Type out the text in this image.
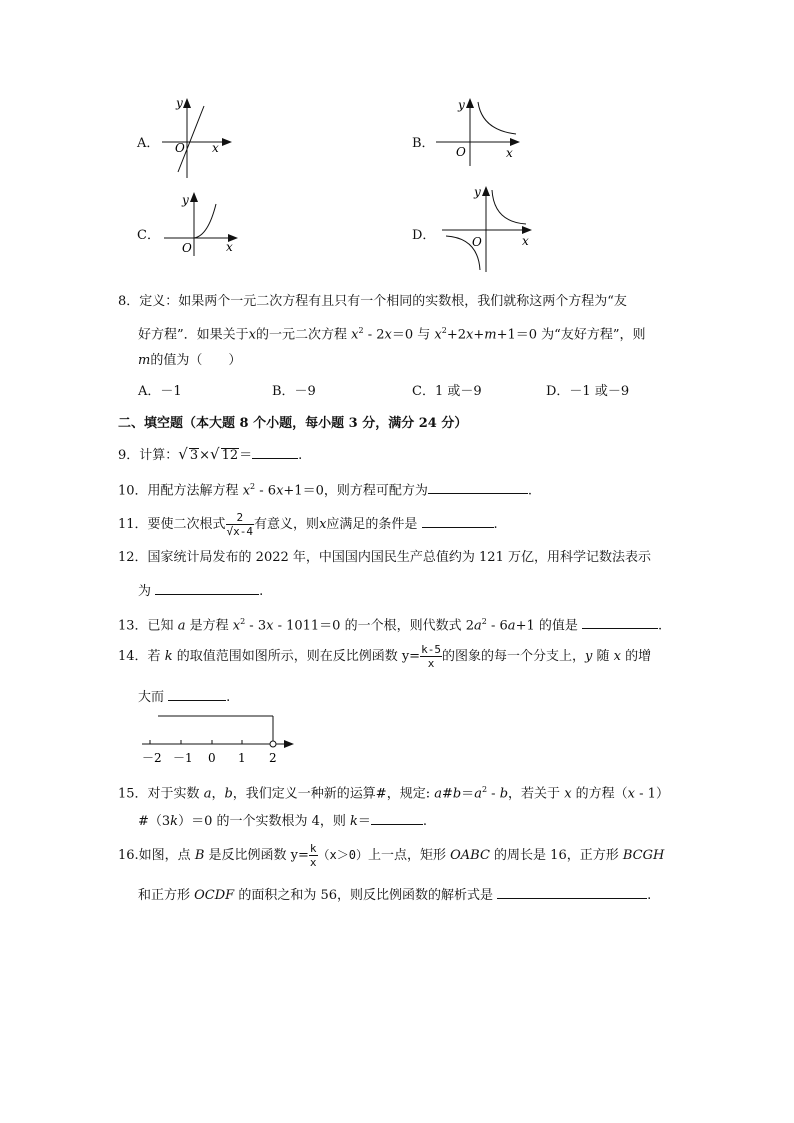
A．
y
O x	B．
y
O	x
C．
y
O	x
D．
y
O	x
8．定义：如果两个一元二次方程有且只有一个相同的实数根，我们就称这两个方程为“友
好方程”．如果关于x的一元二次方程 $x^2 - 2x=0$ 与 $x^2+2x+m+1=0$ 为“友好方程”，则
m的值为（　　）
A．－1	B．－9	C．1 或－9	D．－1 或－9
二、填空题（本大题 8 个小题，每小题 3 分，满分 24 分）
9．计算：√ 3×√ 12＝	.
10．用配方法解方程 $x^2 - 6x+1=0$，则方程可配方为	.
11．要使二次根式 $\frac{2}{√x-4}$ 有意义，则x应满足的条件是	.
12．国家统计局发布的 2022 年，中国国内国民生产总值约为 121 万亿，用科学记数法表示
为	.
13．已知 a 是方程 $x^2 - 3x - 1011=0$ 的一个根，则代数式 $2a^2 - 6a+1$ 的值是	.
14．若 k 的取值范围如图所示，则在反比例函数 $y= \frac{k-5}{x}$ 的图象的每一个分支上，y 随 x 的增
大而	.
－2 －1 0 1 2
15．对于实数 a，b，我们定义一种新的运算#，规定: $a\#b=a^2 - b$，若关于 x 的方程（x - 1）
#（3k）＝0 的一个实数根为 4，则 k＝	.
16.如图，点 B 是反比例函数 $y= \frac{k}{x} (x>0)$上一点，矩形 OABC 的周长是 16，正方形 BCGH
和正方形 OCDF 的面积之和为 56，则反比例函数的解析式是	.
